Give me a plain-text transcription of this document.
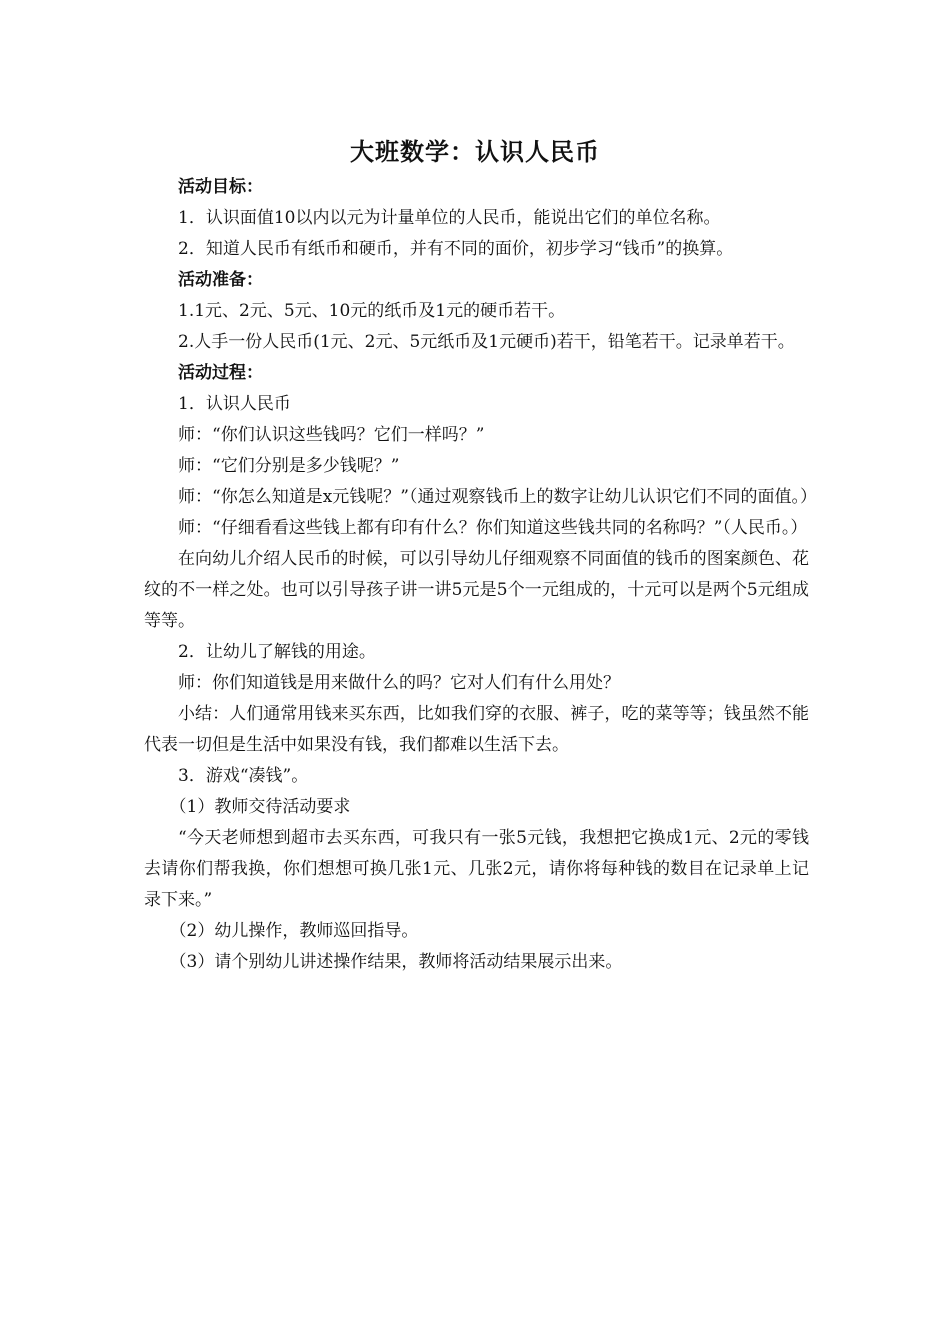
大班数学：认识人民币

活动目标：

1．认识面值10以内以元为计量单位的人民币，能说出它们的单位名称。

2．知道人民币有纸币和硬币，并有不同的面价，初步学习“钱币”的换算。

活动准备：

1.1元、2元、5元、10元的纸币及1元的硬币若干。

2.人手一份人民币(1元、2元、5元纸币及1元硬币)若干，铅笔若干。记录单若干。

活动过程：

1．认识人民币

师：“你们认识这些钱吗？它们一样吗？”

师：“它们分别是多少钱呢？”

师：“你怎么知道是x元钱呢？”（通过观察钱币上的数字让幼儿认识它们不同的面值。）

师：“仔细看看这些钱上都有印有什么？你们知道这些钱共同的名称吗？”（人民币。）

在向幼儿介绍人民币的时候，可以引导幼儿仔细观察不同面值的钱币的图案颜色、花纹的不一样之处。也可以引导孩子讲一讲5元是5个一元组成的，十元可以是两个5元组成等等。

2．让幼儿了解钱的用途。

师：你们知道钱是用来做什么的吗？它对人们有什么用处？

小结：人们通常用钱来买东西，比如我们穿的衣服、裤子，吃的菜等等；钱虽然不能代表一切但是生活中如果没有钱，我们都难以生活下去。

3．游戏“凑钱”。

（1）教师交待活动要求

“今天老师想到超市去买东西，可我只有一张5元钱，我想把它换成1元、2元的零钱去请你们帮我换，你们想想可换几张1元、几张2元，请你将每种钱的数目在记录单上记录下来。”

（2）幼儿操作，教师巡回指导。

（3）请个别幼儿讲述操作结果，教师将活动结果展示出来。
